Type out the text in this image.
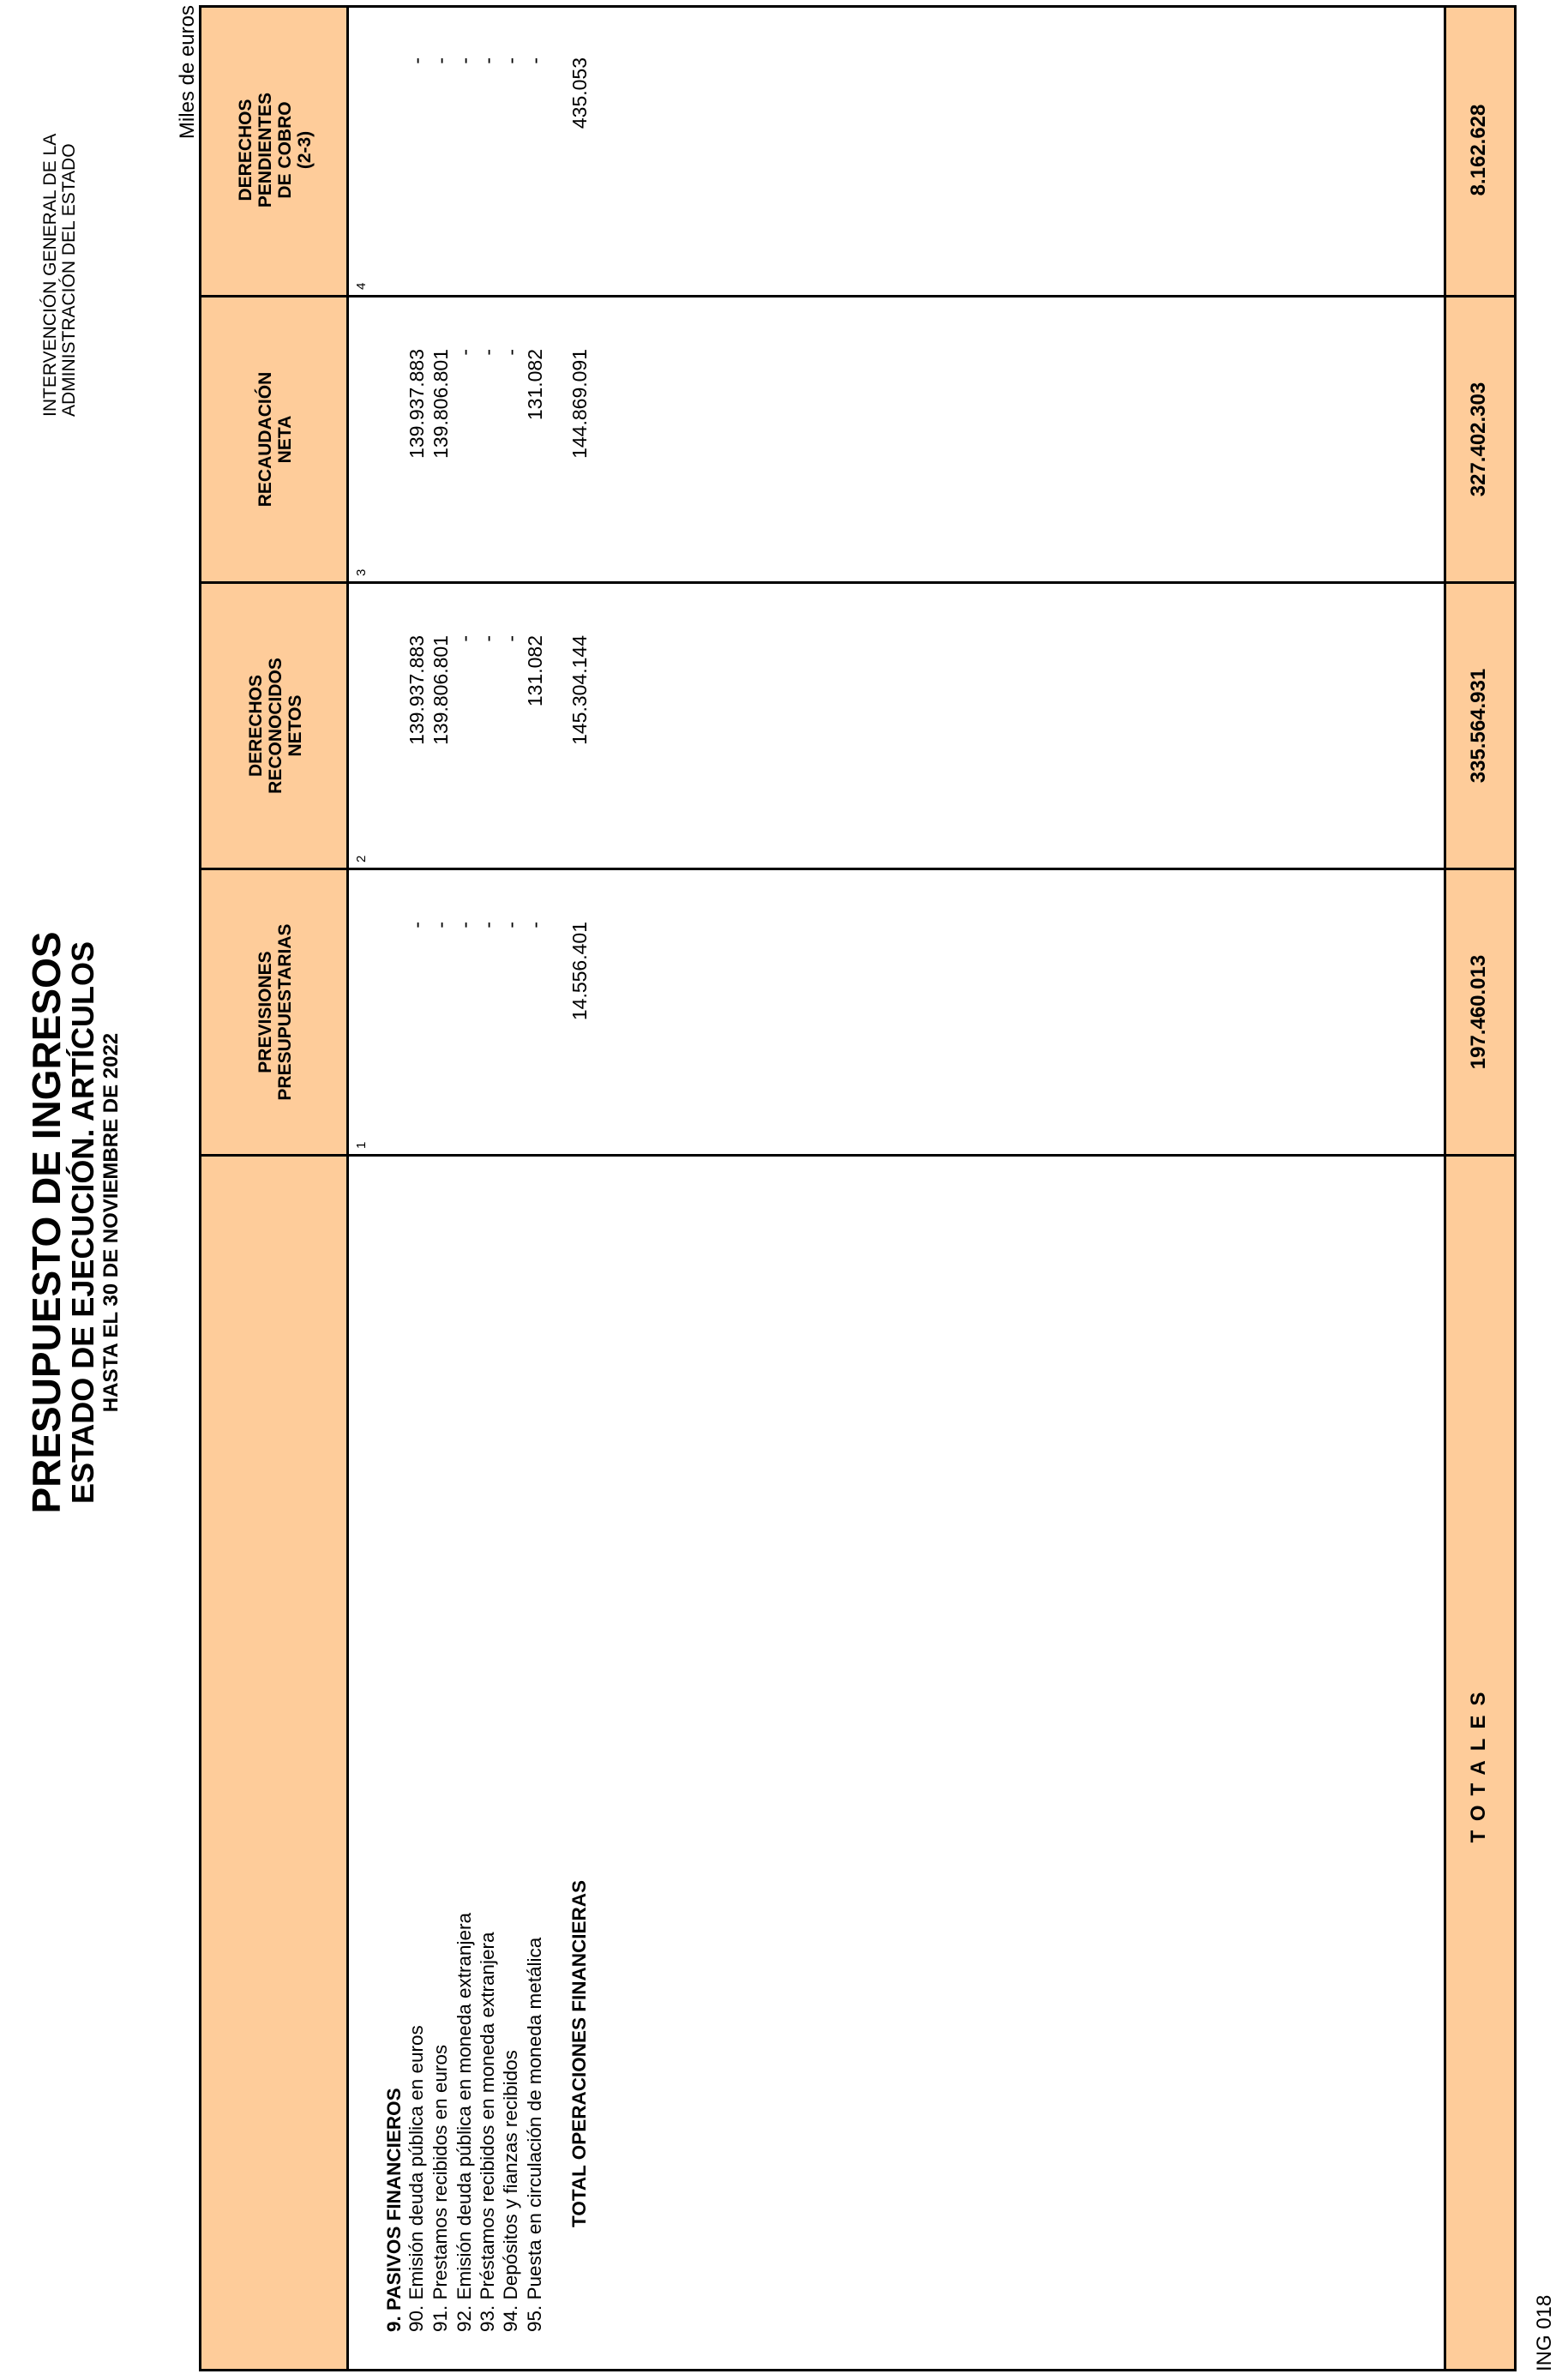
PRESUPUESTO DE INGRESOS
ESTADO DE EJECUCIÓN. ARTÍCULOS HASTA EL 30 DE NOVIEMBRE DE 2022
INTERVENCIÓN GENERAL DE LA ADMINISTRACIÓN DEL ESTADO
Miles de euros
PREVISIONES PRESUPUESTARIAS
DERECHOS RECONOCIDOS NETOS
RECAUDACIÓN NETA
DERECHOS PENDIENTES DE COBRO (2-3)
1
2
3
4
9. PASIVOS FINANCIEROS 90. Emisión deuda pública en euros
-
139.937.883
139.937.883
-
91. Prestamos recibidos en euros
-
139.806.801
139.806.801
-
92. Emisión deuda pública en moneda extranjera
-
-
-
-
93. Préstamos recibidos en moneda extranjera
-
-
-
-
94. Depósitos y fianzas recibidos
-
-
-
-
95. Puesta en circulación de moneda metálica
-
131.082
131.082
-
TOTAL OPERACIONES FINANCIERAS
14.556.401
145.304.144
144.869.091
435.053
TOTALES
197.460.013
335.564.931
327.402.303
8.162.628
ING 018
